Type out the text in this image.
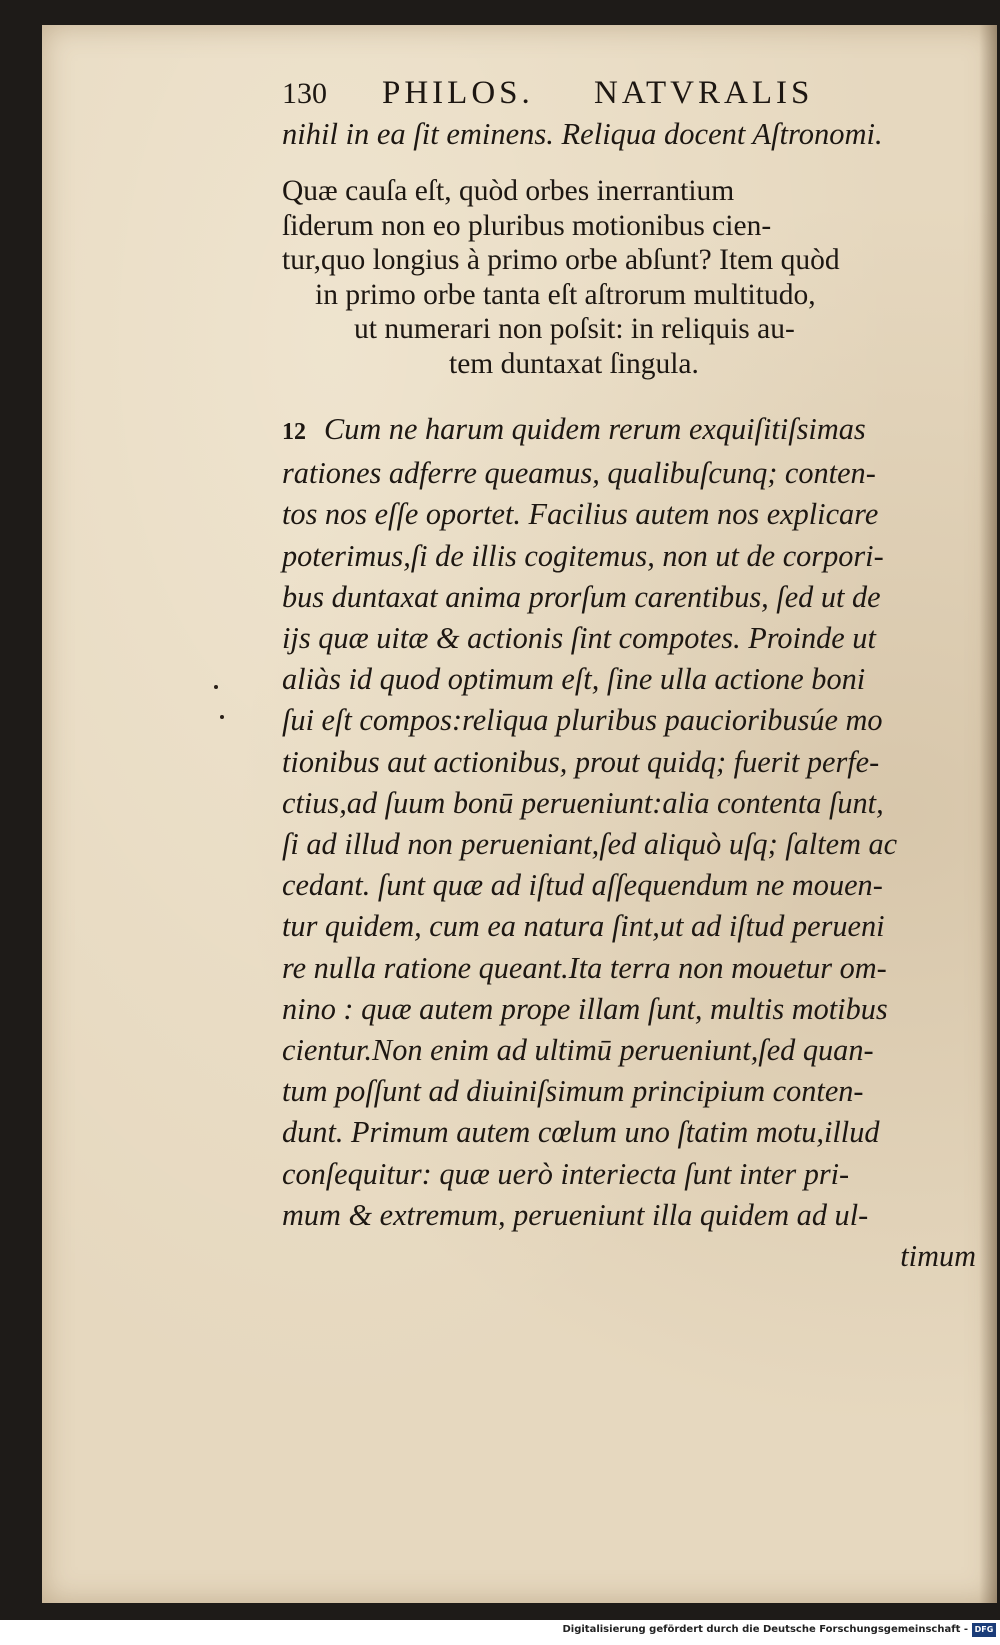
130	PHILOS.	NATVRALIS
nihil in ea ſit eminens. Reliqua docent Aſtronomi.
Quæ cauſa eſt, quòd orbes inerrantium
ſiderum non eo pluribus motionibus cien-
tur,quo longius à primo orbe abſunt? Item quòd
in primo orbe tanta eſt aſtrorum multitudo,
ut numerari non poſsit: in reliquis au-
tem duntaxat ſingula.
12 Cum ne harum quidem rerum exquiſitiſsimas
rationes adferre queamus, qualibuſcunq; conten-
tos nos eſſe oportet. Facilius autem nos explicare
poterimus,ſi de illis cogitemus, non ut de corpori-
bus duntaxat anima prorſum carentibus, ſed ut de
ijs quæ uitæ & actionis ſint compotes. Proinde ut
aliàs id quod optimum eſt, ſine ulla actione boni
ſui eſt compos:reliqua pluribus paucioribusúe mo
tionibus aut actionibus, prout quidq; fuerit perfe-
ctius,ad ſuum bonū perueniunt:alia contenta ſunt,
ſi ad illud non perueniant,ſed aliquò uſq; ſaltem ac
cedant. ſunt quæ ad iſtud aſſequendum ne mouen-
tur quidem, cum ea natura ſint,ut ad iſtud perueni
re nulla ratione queant.Ita terra non mouetur om-
nino : quæ autem prope illam ſunt, multis motibus
cientur.Non enim ad ultimū perueniunt,ſed quan-
tum poſſunt ad diuiniſsimum principium conten-
dunt. Primum autem cœlum uno ſtatim motu,illud
conſequitur: quæ uerò interiecta ſunt inter pri-
mum & extremum, perueniunt illa quidem ad ul-
timum
Digitalisierung gefördert durch die Deutsche Forschungsgemeinschaft - DFG
